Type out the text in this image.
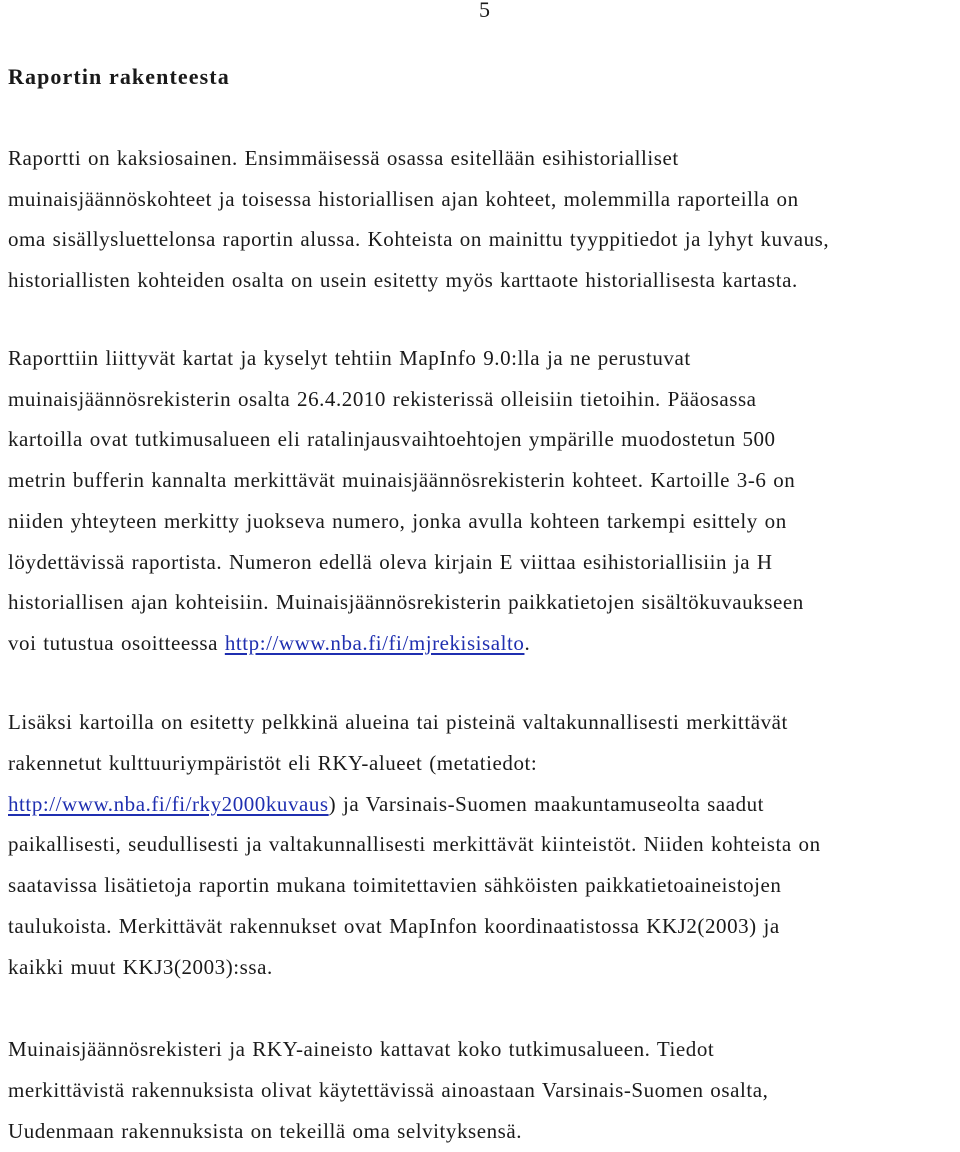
5
Raportin rakenteesta

Raportti on kaksiosainen. Ensimmäisessä osassa esitellään esihistorialliset
muinaisjäännöskohteet ja toisessa historiallisen ajan kohteet, molemmilla raporteilla on
oma sisällysluettelonsa raportin alussa. Kohteista on mainittu tyyppitiedot ja lyhyt kuvaus,
historiallisten kohteiden osalta on usein esitetty myös karttaote historiallisesta kartasta.

Raporttiin liittyvät kartat ja kyselyt tehtiin MapInfo 9.0:lla ja ne perustuvat
muinaisjäännösrekisterin osalta 26.4.2010 rekisterissä olleisiin tietoihin. Pääosassa
kartoilla ovat tutkimusalueen eli ratalinjausvaihtoehtojen ympärille muodostetun 500
metrin bufferin kannalta merkittävät muinaisjäännösrekisterin kohteet. Kartoille 3-6 on
niiden yhteyteen merkitty juokseva numero, jonka avulla kohteen tarkempi esittely on
löydettävissä raportista. Numeron edellä oleva kirjain E viittaa esihistoriallisiin ja H
historiallisen ajan kohteisiin. Muinaisjäännösrekisterin paikkatietojen sisältökuvaukseen
voi tutustua osoitteessa http://www.nba.fi/fi/mjrekisisalto.

Lisäksi kartoilla on esitetty pelkkinä alueina tai pisteinä valtakunnallisesti merkittävät
rakennetut kulttuuriympäristöt eli RKY-alueet (metatiedot:
http://www.nba.fi/fi/rky2000kuvaus) ja Varsinais-Suomen maakuntamuseolta saadut
paikallisesti, seudullisesti ja valtakunnallisesti merkittävät kiinteistöt. Niiden kohteista on
saatavissa lisätietoja raportin mukana toimitettavien sähköisten paikkatietoaineistojen
taulukoista. Merkittävät rakennukset ovat MapInfon koordinaatistossa KKJ2(2003) ja
kaikki muut KKJ3(2003):ssa.

Muinaisjäännösrekisteri ja RKY-aineisto kattavat koko tutkimusalueen. Tiedot
merkittävistä rakennuksista olivat käytettävissä ainoastaan Varsinais-Suomen osalta,
Uudenmaan rakennuksista on tekeillä oma selvityksensä.
